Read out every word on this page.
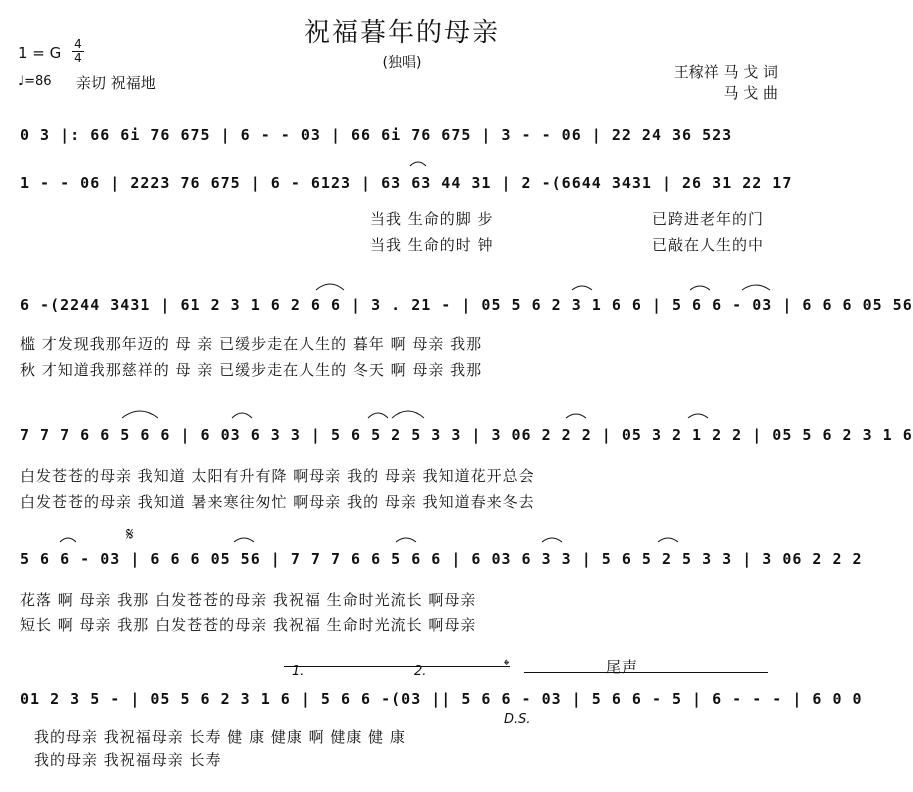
祝福暮年的母亲
(独唱)
1 = G 4
4
♩=86 亲切 祝福地
王稼祥 马 戈 词
马 戈 曲
0 3 |: 66 6i 76 675 | 6 - - 03 | 66 6i 76 675 | 3 - - 06 | 22 24 36 523
1 - - 06 | 2223 76 675 | 6 - 6123 | 63 63 44 31 | 2 -(6644 3431 | 26 31 22 17
当我 生命的脚 步	已跨进老年的门
当我 生命的时 钟	已敲在人生的中
6 -(2244 3431 | 61 2 3 1 6 2 6 6 | 3 . 21 - | 05 5 6 2 3 1 6 6 | 5 6 6 - 03 | 6 6 6 05 56
槛 才发现我那年迈的 母 亲 已缓步走在人生的 暮年 啊 母亲 我那
秋 才知道我那慈祥的 母 亲 已缓步走在人生的 冬天 啊 母亲 我那
7 7 7 6 6 5 6 6 | 6 03 6 3 3 | 5 6 5 2 5 3 3 | 3 06 2 2 2 | 05 3 2 1 2 2 | 05 5 6 2 3 1 6
白发苍苍的母亲 我知道 太阳有升有降 啊母亲 我的 母亲 我知道花开总会
白发苍苍的母亲 我知道 暑来寒往匆忙 啊母亲 我的 母亲 我知道春来冬去
𝄋
5 6 6 - 03 | 6 6 6 05 56 | 7 7 7 6 6 5 6 6 | 6 03 6 3 3 | 5 6 5 2 5 3 3 | 3 06 2 2 2
花落 啊 母亲 我那 白发苍苍的母亲 我祝福 生命时光流长 啊母亲
短长 啊 母亲 我那 白发苍苍的母亲 我祝福 生命时光流长 啊母亲
1.	2.	𝄌	尾声
01 2 3 5 - | 05 5 6 2 3 1 6 | 5 6 6 -(03 || 5 6 6 - 03 | 5 6 6 - 5 | 6 - - - | 6 0 0
D.S.
我的母亲 我祝福母亲 长寿 健 康 健康 啊 健康 健 康
我的母亲 我祝福母亲 长寿
